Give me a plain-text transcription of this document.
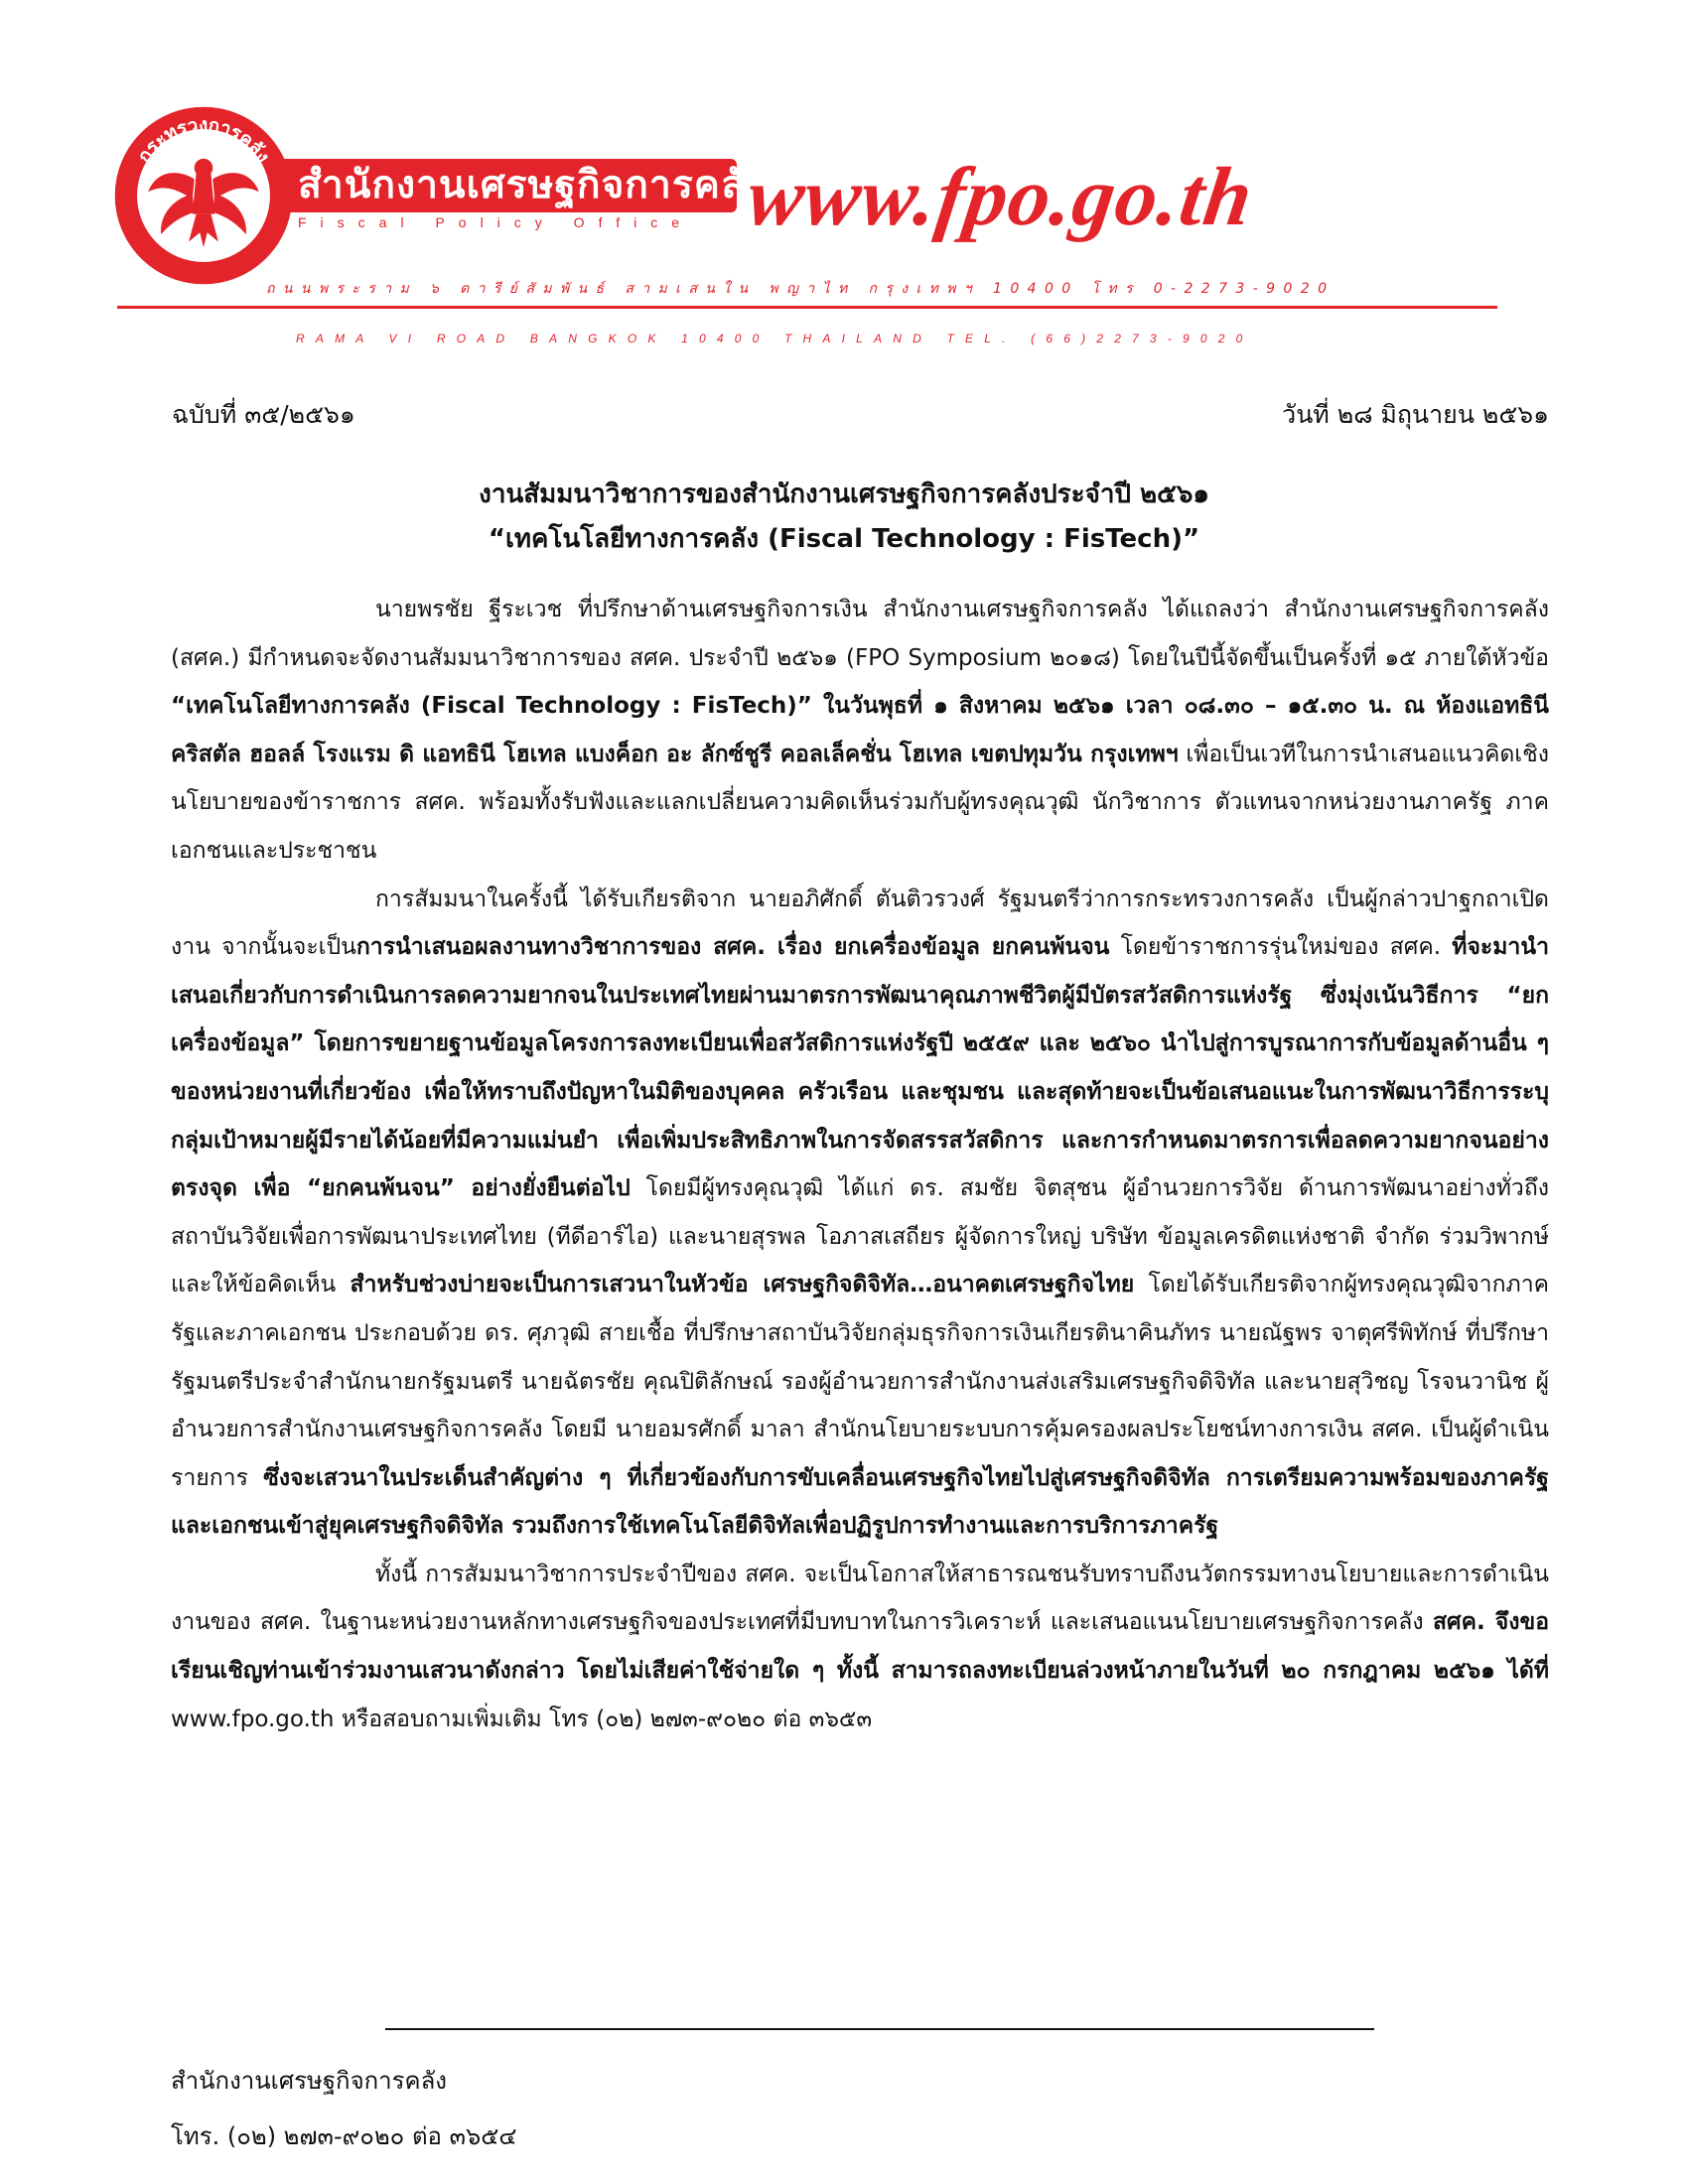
กระทรวงการคลัง
สำนักงานเศรษฐกิจการคลัง
Fiscal Policy Office www.fpo.go.th
ถนนพระราม ๖ ตารีย์สัมพันธ์ สามเสนใน พญาไท กรุงเทพฯ 10400 โทร 0-2273-9020
RAMA VI ROAD BANGKOK 10400 THAILAND TEL. (66)2273-9020
ฉบับที่ ๓๕/๒๕๖๑	วันที่ ๒๘ มิถุนายน ๒๕๖๑
งานสัมมนาวิชาการของสำนักงานเศรษฐกิจการคลังประจำปี ๒๕๖๑
“เทคโนโลยีทางการคลัง (Fiscal Technology : FisTech)”

นายพรชัย ฐีระเวช ที่ปรึกษาด้านเศรษฐกิจการเงิน สำนักงานเศรษฐกิจการคลัง ได้แถลงว่า สำนักงานเศรษฐกิจการคลัง (สศค.) มีกำหนดจะจัดงานสัมมนาวิชาการของ สศค. ประจำปี ๒๕๖๑ (FPO Symposium ๒๐๑๘) โดยในปีนี้จัดขึ้นเป็นครั้งที่ ๑๕ ภายใต้หัวข้อ “เทคโนโลยีทางการคลัง (Fiscal Technology : FisTech)” ในวันพุธที่ ๑ สิงหาคม ๒๕๖๑ เวลา ๐๘.๓๐ – ๑๕.๓๐ น. ณ ห้องแอทธินี คริสตัล ฮอลล์ โรงแรม ดิ แอทธินี โฮเทล แบงค็อก อะ ลักซ์ชูรี คอลเล็คชั่น โฮเทล เขตปทุมวัน กรุงเทพฯ เพื่อเป็นเวทีในการนำเสนอแนวคิดเชิงนโยบายของข้าราชการ สศค. พร้อมทั้งรับฟังและแลกเปลี่ยนความคิดเห็นร่วมกับผู้ทรงคุณวุฒิ นักวิชาการ ตัวแทนจากหน่วยงานภาครัฐ ภาคเอกชนและประชาชน

การสัมมนาในครั้งนี้ ได้รับเกียรติจาก นายอภิศักดิ์ ตันติวรวงศ์ รัฐมนตรีว่าการกระทรวงการคลัง เป็นผู้กล่าวปาฐกถาเปิดงาน จากนั้นจะเป็นการนำเสนอผลงานทางวิชาการของ สศค. เรื่อง ยกเครื่องข้อมูล ยกคนพ้นจน โดยข้าราชการรุ่นใหม่ของ สศค. ที่จะมานำเสนอเกี่ยวกับการดำเนินการลดความยากจนในประเทศไทยผ่านมาตรการพัฒนาคุณภาพชีวิตผู้มีบัตรสวัสดิการแห่งรัฐ ซึ่งมุ่งเน้นวิธีการ “ยกเครื่องข้อมูล” โดยการขยายฐานข้อมูลโครงการลงทะเบียนเพื่อสวัสดิการแห่งรัฐปี ๒๕๕๙ และ ๒๕๖๐ นำไปสู่การบูรณาการกับข้อมูลด้านอื่น ๆ ของหน่วยงานที่เกี่ยวข้อง เพื่อให้ทราบถึงปัญหาในมิติของบุคคล ครัวเรือน และชุมชน และสุดท้ายจะเป็นข้อเสนอแนะในการพัฒนาวิธีการระบุกลุ่มเป้าหมายผู้มีรายได้น้อยที่มีความแม่นยำ เพื่อเพิ่มประสิทธิภาพในการจัดสรรสวัสดิการ และการกำหนดมาตรการเพื่อลดความยากจนอย่างตรงจุด เพื่อ “ยกคนพ้นจน” อย่างยั่งยืนต่อไป โดยมีผู้ทรงคุณวุฒิ ได้แก่ ดร. สมชัย จิตสุชน ผู้อำนวยการวิจัย ด้านการพัฒนาอย่างทั่วถึง สถาบันวิจัยเพื่อการพัฒนาประเทศไทย (ทีดีอาร์ไอ) และนายสุรพล โอภาสเสถียร ผู้จัดการใหญ่ บริษัท ข้อมูลเครดิตแห่งชาติ จำกัด ร่วมวิพากษ์และให้ข้อคิดเห็น สำหรับช่วงบ่ายจะเป็นการเสวนาในหัวข้อ เศรษฐกิจดิจิทัล…อนาคตเศรษฐกิจไทย โดยได้รับเกียรติจากผู้ทรงคุณวุฒิจากภาครัฐและภาคเอกชน ประกอบด้วย ดร. ศุภวุฒิ สายเชื้อ ที่ปรึกษาสถาบันวิจัยกลุ่มธุรกิจการเงินเกียรตินาคินภัทร นายณัฐพร จาตุศรีพิทักษ์ ที่ปรึกษารัฐมนตรีประจำสำนักนายกรัฐมนตรี นายฉัตรชัย คุณปิติลักษณ์ รองผู้อำนวยการสำนักงานส่งเสริมเศรษฐกิจดิจิทัล และนายสุวิชญ โรจนวานิช ผู้อำนวยการสำนักงานเศรษฐกิจการคลัง โดยมี นายอมรศักดิ์ มาลา สำนักนโยบายระบบการคุ้มครองผลประโยชน์ทางการเงิน สศค. เป็นผู้ดำเนินรายการ ซึ่งจะเสวนาในประเด็นสำคัญต่าง ๆ ที่เกี่ยวข้องกับการขับเคลื่อนเศรษฐกิจไทยไปสู่เศรษฐกิจดิจิทัล การเตรียมความพร้อมของภาครัฐและเอกชนเข้าสู่ยุคเศรษฐกิจดิจิทัล รวมถึงการใช้เทคโนโลยีดิจิทัลเพื่อปฏิรูปการทำงานและการบริการภาครัฐ

ทั้งนี้ การสัมมนาวิชาการประจำปีของ สศค. จะเป็นโอกาสให้สาธารณชนรับทราบถึงนวัตกรรมทางนโยบายและการดำเนินงานของ สศค. ในฐานะหน่วยงานหลักทางเศรษฐกิจของประเทศที่มีบทบาทในการวิเคราะห์ และเสนอแนนโยบายเศรษฐกิจการคลัง สศค. จึงขอเรียนเชิญท่านเข้าร่วมงานเสวนาดังกล่าว โดยไม่เสียค่าใช้จ่ายใด ๆ ทั้งนี้ สามารถลงทะเบียนล่วงหน้าภายในวันที่ ๒๐ กรกฎาคม ๒๕๖๑ ได้ที่ www.fpo.go.th หรือสอบถามเพิ่มเติม โทร (๐๒) ๒๗๓-๙๐๒๐ ต่อ ๓๖๕๓

สำนักงานเศรษฐกิจการคลัง
โทร. (๐๒) ๒๗๓-๙๐๒๐ ต่อ ๓๖๕๔
